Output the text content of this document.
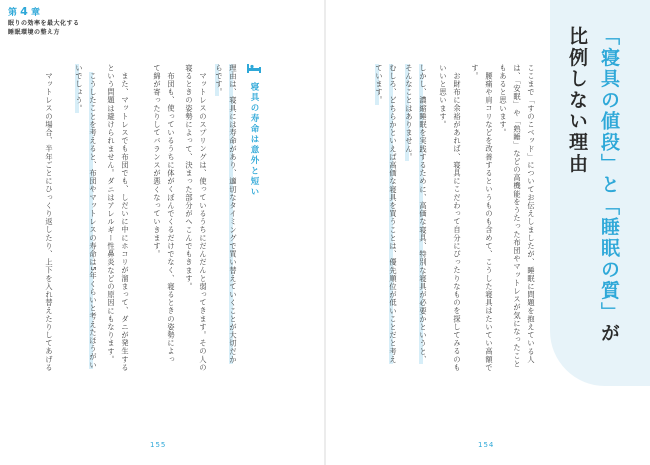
第 4 章
眠りの効率を最大化する
睡眠環境の整え方	「寝具の値段」と「睡眠の質」が
比例しない理由
ここまで「すのこベッド」についてお伝えしましたが、睡眠に問題を抱えている人
は、「安眠」や「熟睡」などの高機能をうたった布団やマットレスが気になったこと
もあると思います。
腰痛や肩コリなどを改善するというものも含めて、こうした寝具はたいてい高額で
す。
お財布に余裕があれば、寝具にこだわって自分にぴったりなものを探してみるのも
いいと思います。
しかし、濃縮睡眠を実践するために、高価な寝具、特別な寝具が必要かというと、
そんなことはありません。
むしろ、どちらかといえば高価な寝具を買うことは、優先順位が低いことだと考え
ています。
154
寝具の寿命は意外と短い
理由は、寝具には寿命があり、適切なタイミングで買い替えていくことが大切だか
らです。
マットレスのスプリングは、使っているうちにだんだんと弱ってきます。その人の
寝るときの姿勢によって、決まった部分がへこんでもきます。
布団も、使っているうちに体がくぼんでくるだけでなく、寝るときの姿勢によっ
て綿が寄ったりしてバランスが悪くなっていきます。
また、マットレスでも布団でも、しだいに中にホコリが溜まって、ダニが発生する
という問題は避けられません。ダニはアレルギー性鼻炎などの原因にもなります。
こうしたことを考えると、布団やマットレスの寿命は5年くらいと考えたほうがい
いでしょう。
マットレスの場合、半年ごとにひっくり返したり、上下を入れ替えたりしてあげる
155
